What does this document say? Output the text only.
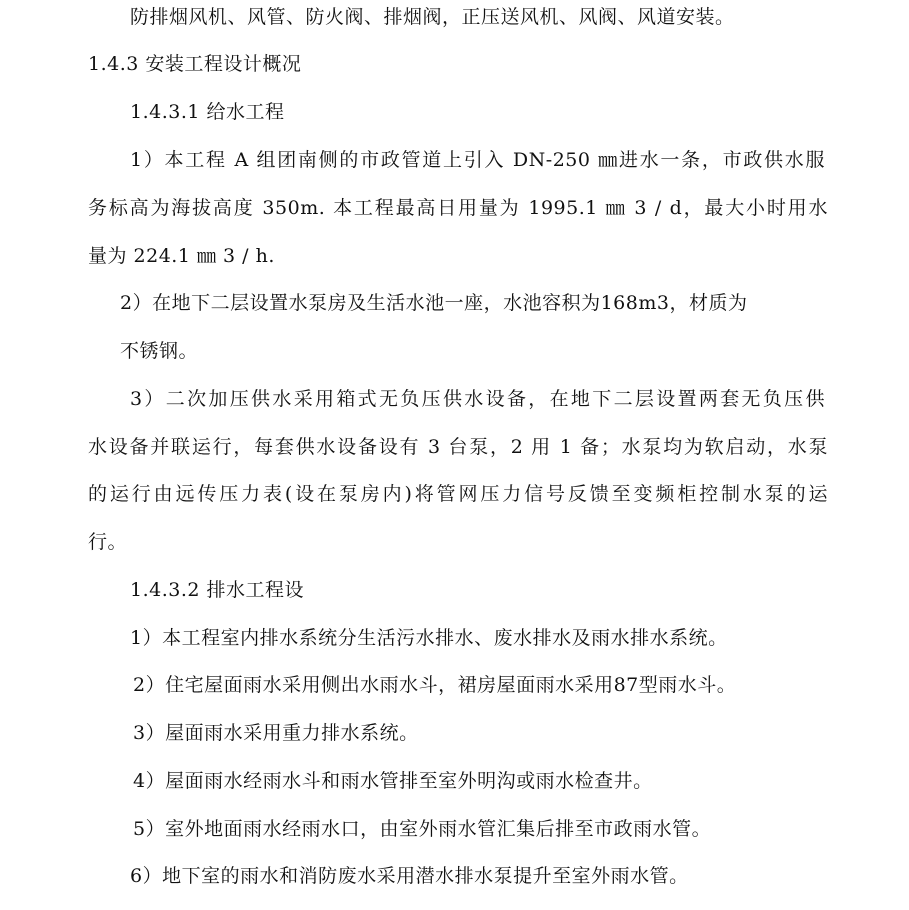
防排烟风机、风管、防火阀、排烟阀，正压送风机、风阀、风道安装。
1.4.3 安装工程设计概况
1.4.3.1 给水工程
1）本工程 A 组团南侧的市政管道上引入 DN-250 ㎜进水一条，市政供水服
务标高为海拔高度 350m. 本工程最高日用量为 1995.1 ㎜ 3 / d，最大小时用水
量为 224.1 ㎜ 3 / h.
2）在地下二层设置水泵房及生活水池一座，水池容积为168m3，材质为
不锈钢。
3）二次加压供水采用箱式无负压供水设备，在地下二层设置两套无负压供
水设备并联运行，每套供水设备设有 3 台泵，2 用 1 备；水泵均为软启动，水泵
的运行由远传压力表(设在泵房内)将管网压力信号反馈至变频柜控制水泵的运
行。
1.4.3.2 排水工程设
1）本工程室内排水系统分生活污水排水、废水排水及雨水排水系统。
2）住宅屋面雨水采用侧出水雨水斗，裙房屋面雨水采用87型雨水斗。
3）屋面雨水采用重力排水系统。
4）屋面雨水经雨水斗和雨水管排至室外明沟或雨水检查井。
5）室外地面雨水经雨水口，由室外雨水管汇集后排至市政雨水管。
6）地下室的雨水和消防废水采用潜水排水泵提升至室外雨水管。
